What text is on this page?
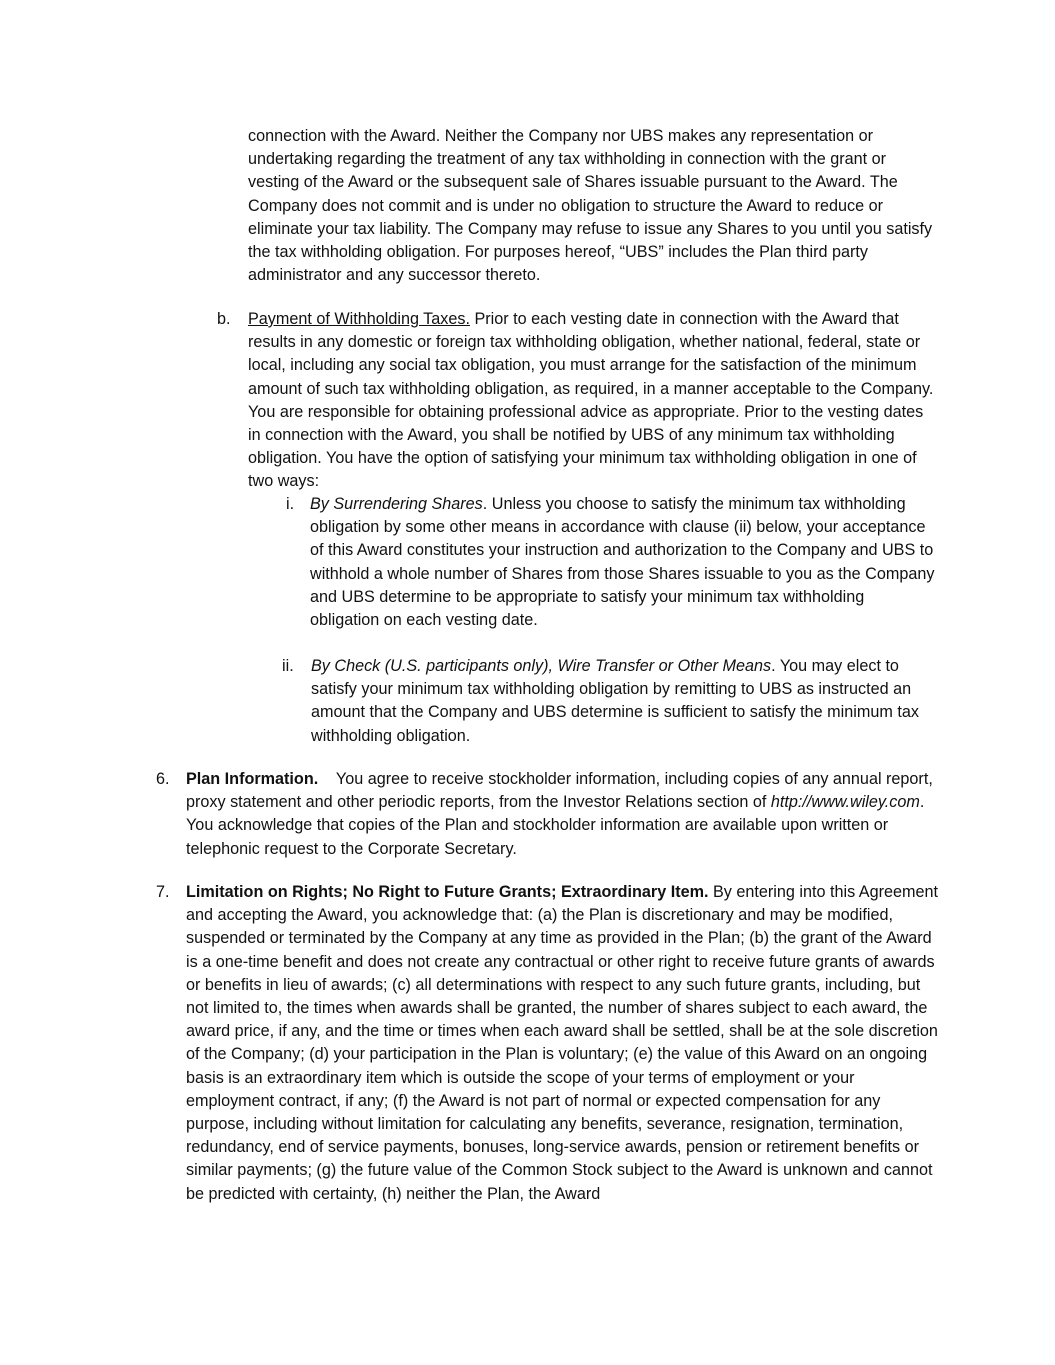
connection with the Award. Neither the Company nor UBS makes any representation or undertaking regarding the treatment of any tax withholding in connection with the grant or vesting of the Award or the subsequent sale of Shares issuable pursuant to the Award. The Company does not commit and is under no obligation to structure the Award to reduce or eliminate your tax liability. The Company may refuse to issue any Shares to you until you satisfy the tax withholding obligation. For purposes hereof, “UBS” includes the Plan third party administrator and any successor thereto.
b. Payment of Withholding Taxes. Prior to each vesting date in connection with the Award that results in any domestic or foreign tax withholding obligation, whether national, federal, state or local, including any social tax obligation, you must arrange for the satisfaction of the minimum amount of such tax withholding obligation, as required, in a manner acceptable to the Company. You are responsible for obtaining professional advice as appropriate. Prior to the vesting dates in connection with the Award, you shall be notified by UBS of any minimum tax withholding obligation. You have the option of satisfying your minimum tax withholding obligation in one of two ways:
i. By Surrendering Shares. Unless you choose to satisfy the minimum tax withholding obligation by some other means in accordance with clause (ii) below, your acceptance of this Award constitutes your instruction and authorization to the Company and UBS to withhold a whole number of Shares from those Shares issuable to you as the Company and UBS determine to be appropriate to satisfy your minimum tax withholding obligation on each vesting date.
ii. By Check (U.S. participants only), Wire Transfer or Other Means. You may elect to satisfy your minimum tax withholding obligation by remitting to UBS as instructed an amount that the Company and UBS determine is sufficient to satisfy the minimum tax withholding obligation.
6. Plan Information.    You agree to receive stockholder information, including copies of any annual report, proxy statement and other periodic reports, from the Investor Relations section of http://www.wiley.com. You acknowledge that copies of the Plan and stockholder information are available upon written or telephonic request to the Corporate Secretary.
7. Limitation on Rights; No Right to Future Grants; Extraordinary Item. By entering into this Agreement and accepting the Award, you acknowledge that: (a) the Plan is discretionary and may be modified, suspended or terminated by the Company at any time as provided in the Plan; (b) the grant of the Award is a one-time benefit and does not create any contractual or other right to receive future grants of awards or benefits in lieu of awards; (c) all determinations with respect to any such future grants, including, but not limited to, the times when awards shall be granted, the number of shares subject to each award, the award price, if any, and the time or times when each award shall be settled, shall be at the sole discretion of the Company; (d) your participation in the Plan is voluntary; (e) the value of this Award on an ongoing basis is an extraordinary item which is outside the scope of your terms of employment or your employment contract, if any; (f) the Award is not part of normal or expected compensation for any purpose, including without limitation for calculating any benefits, severance, resignation, termination, redundancy, end of service payments, bonuses, long-service awards, pension or retirement benefits or similar payments; (g) the future value of the Common Stock subject to the Award is unknown and cannot be predicted with certainty, (h) neither the Plan, the Award
